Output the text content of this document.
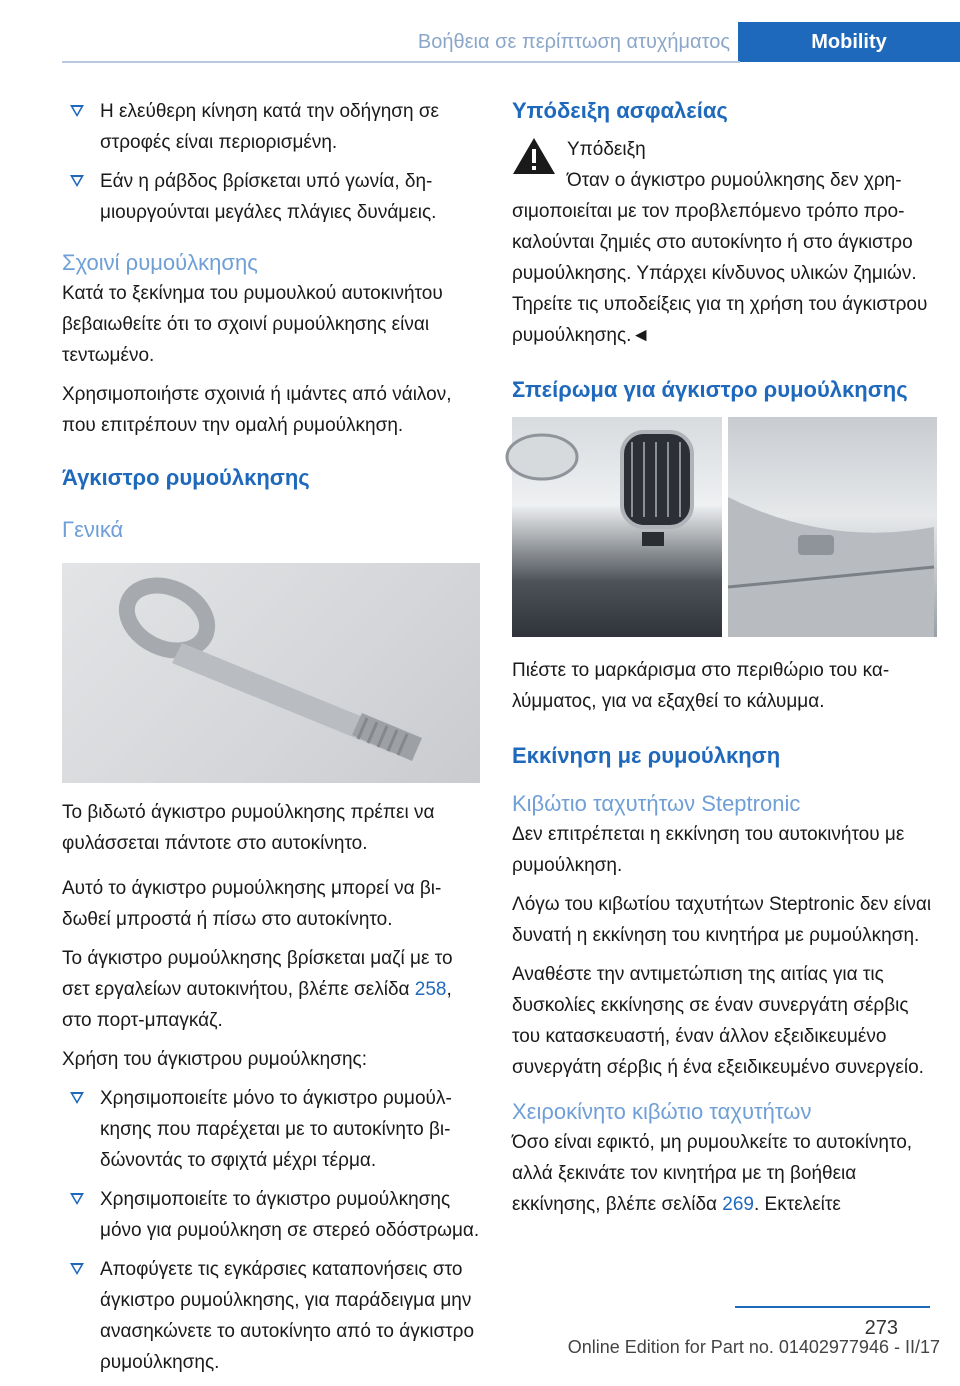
Βοήθεια σε περίπτωση ατυχήματος	Mobility
Η ελεύθερη κίνηση κατά την οδήγηση σε στροφές είναι περιορισμένη.
Εάν η ράβδος βρίσκεται υπό γωνία, δημιουργούνται μεγάλες πλάγιες δυνάμεις.
Σχοινί ρυμούλκησης

Κατά το ξεκίνημα του ρυμουλκού αυτοκινήτου βεβαιωθείτε ότι το σχοινί ρυμούλκησης είναι τεντωμένο.

Χρησιμοποιήστε σχοινιά ή ιμάντες από νάιλον, που επιτρέπουν την ομαλή ρυμούλκηση.

Άγκιστρο ρυμούλκησης
Γενικά

Το βιδωτό άγκιστρο ρυμούλκησης πρέπει να φυλάσσεται πάντοτε στο αυτοκίνητο.

Αυτό το άγκιστρο ρυμούλκησης μπορεί να βιδωθεί μπροστά ή πίσω στο αυτοκίνητο.

Το άγκιστρο ρυμούλκησης βρίσκεται μαζί με το σετ εργαλείων αυτοκινήτου, βλέπε σελίδα 258, στο πορτ-μπαγκάζ.

Χρήση του άγκιστρου ρυμούλκησης:

Χρησιμοποιείτε μόνο το άγκιστρο ρυμούλκησης που παρέχεται με το αυτοκίνητο βιδώνοντάς το σφιχτά μέχρι τέρμα.
Χρησιμοποιείτε το άγκιστρο ρυμούλκησης μόνο για ρυμούλκηση σε στερεό οδόστρωμα.
Αποφύγετε τις εγκάρσιες καταπονήσεις στο άγκιστρο ρυμούλκησης, για παράδειγμα μην ανασηκώνετε το αυτοκίνητο από το άγκιστρο ρυμούλκησης.
Υπόδειξη ασφαλείας
Υπόδειξη

Όταν ο άγκιστρο ρυμούλκησης δεν χρησιμοποιείται με τον προβλεπόμενο τρόπο προκαλούνται ζημιές στο αυτοκίνητο ή στο άγκιστρο ρυμούλκησης. Υπάρχει κίνδυνος υλικών ζημιών. Τηρείτε τις υποδείξεις για τη χρήση του άγκιστρου ρυμούλκησης.◄

Σπείρωμα για άγκιστρο ρυμούλκησης

Πιέστε το μαρκάρισμα στο περιθώριο του καλύμματος, για να εξαχθεί το κάλυμμα.

Εκκίνηση με ρυμούλκηση
Κιβώτιο ταχυτήτων Steptronic

Δεν επιτρέπεται η εκκίνηση του αυτοκινήτου με ρυμούλκηση.

Λόγω του κιβωτίου ταχυτήτων Steptronic δεν είναι δυνατή η εκκίνηση του κινητήρα με ρυμούλκηση.

Αναθέστε την αντιμετώπιση της αιτίας για τις δυσκολίες εκκίνησης σε έναν συνεργάτη σέρβις του κατασκευαστή, έναν άλλον εξειδικευμένο συνεργάτη σέρβις ή ένα εξειδικευμένο συνεργείο.

Χειροκίνητο κιβώτιο ταχυτήτων

Όσο είναι εφικτό, μη ρυμουλκείτε το αυτοκίνητο, αλλά ξεκινάτε τον κινητήρα με τη βοήθεια εκκίνησης, βλέπε σελίδα 269. Εκτελείτε

273
Online Edition for Part no. 01402977946 - II/17
